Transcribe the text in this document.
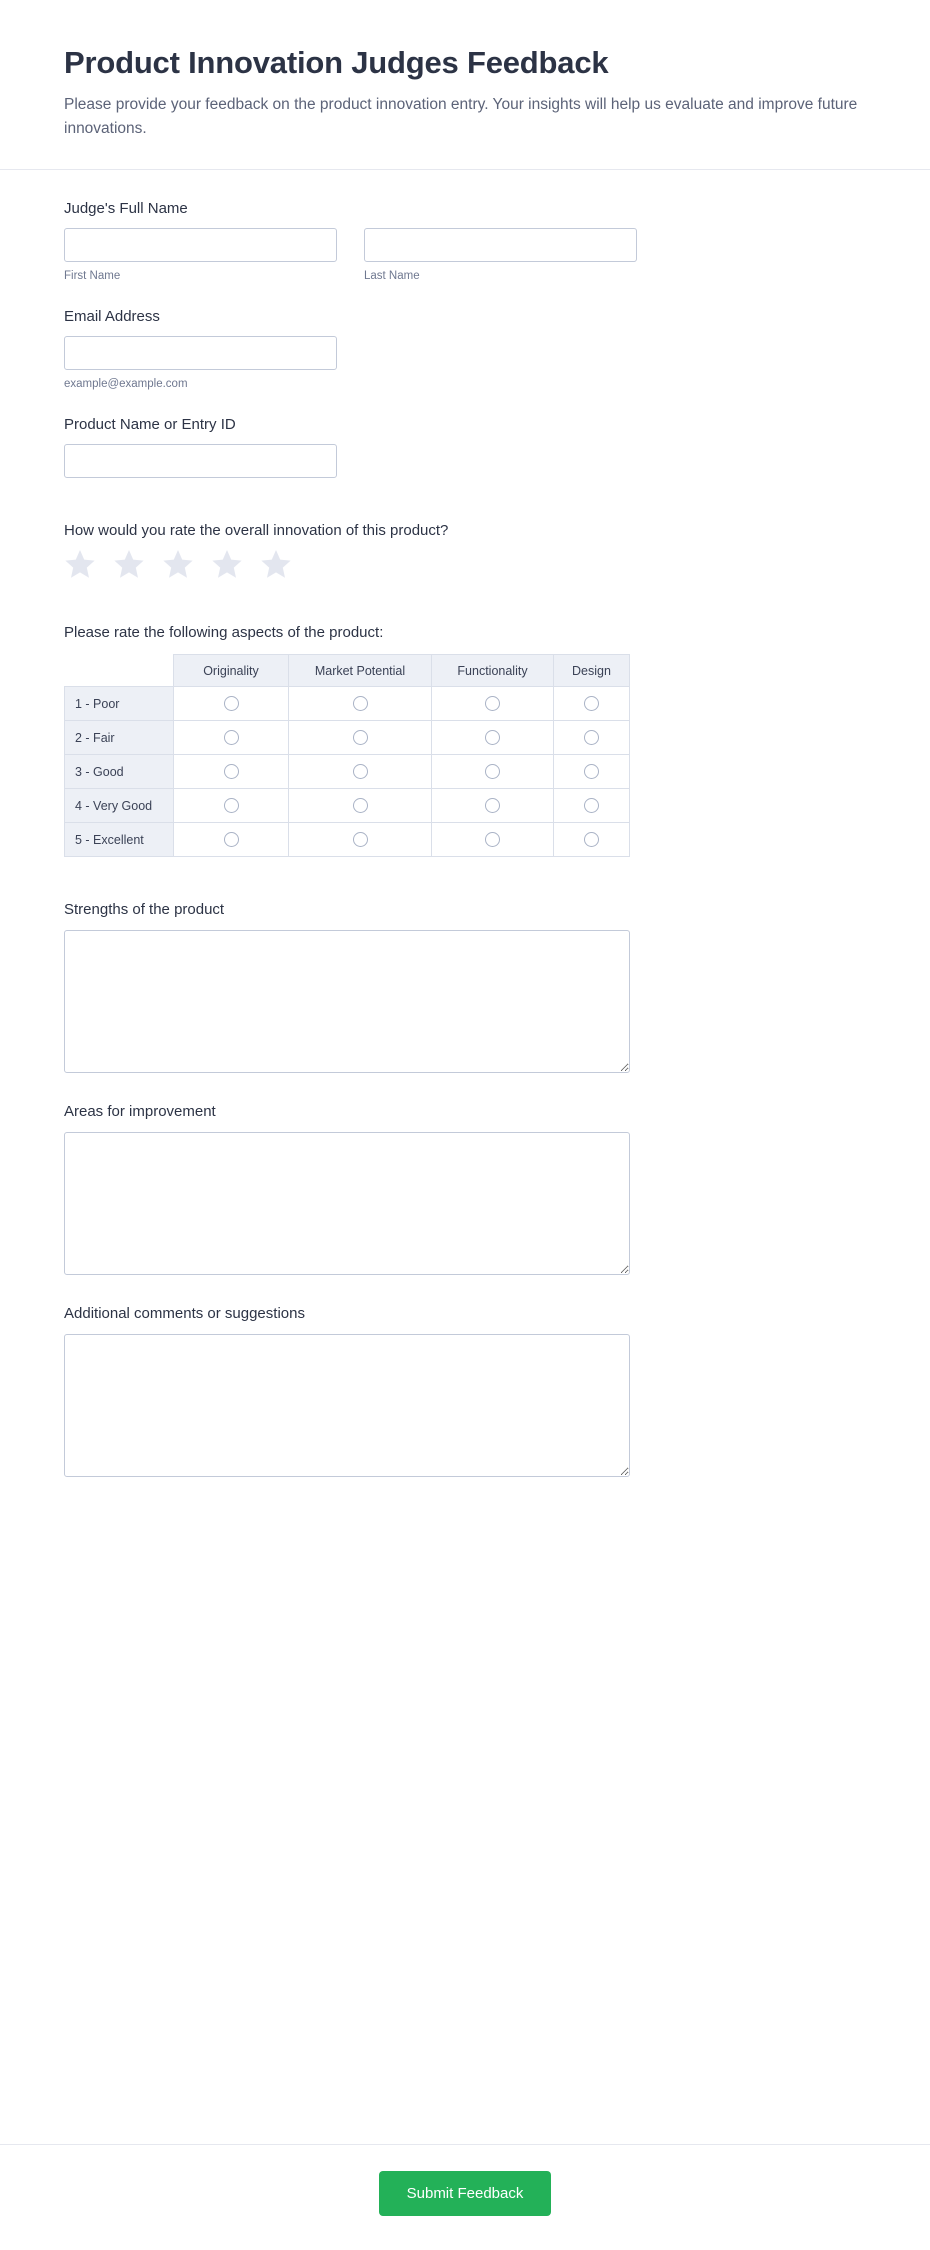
Product Innovation Judges Feedback

Please provide your feedback on the product innovation entry. Your insights will help us evaluate and improve future innovations.

Judge's Full Name
First Name	Last Name
Email Address
example@example.com
Product Name or Entry ID
How would you rate the overall innovation of this product?
Please rate the following aspects of the product:
	Originality	Market Potential	Functionality	Design
1 - Poor				
2 - Fair				
3 - Good				
4 - Very Good				
5 - Excellent				
Strengths of the product
Areas for improvement
Additional comments or suggestions
Submit Feedback
